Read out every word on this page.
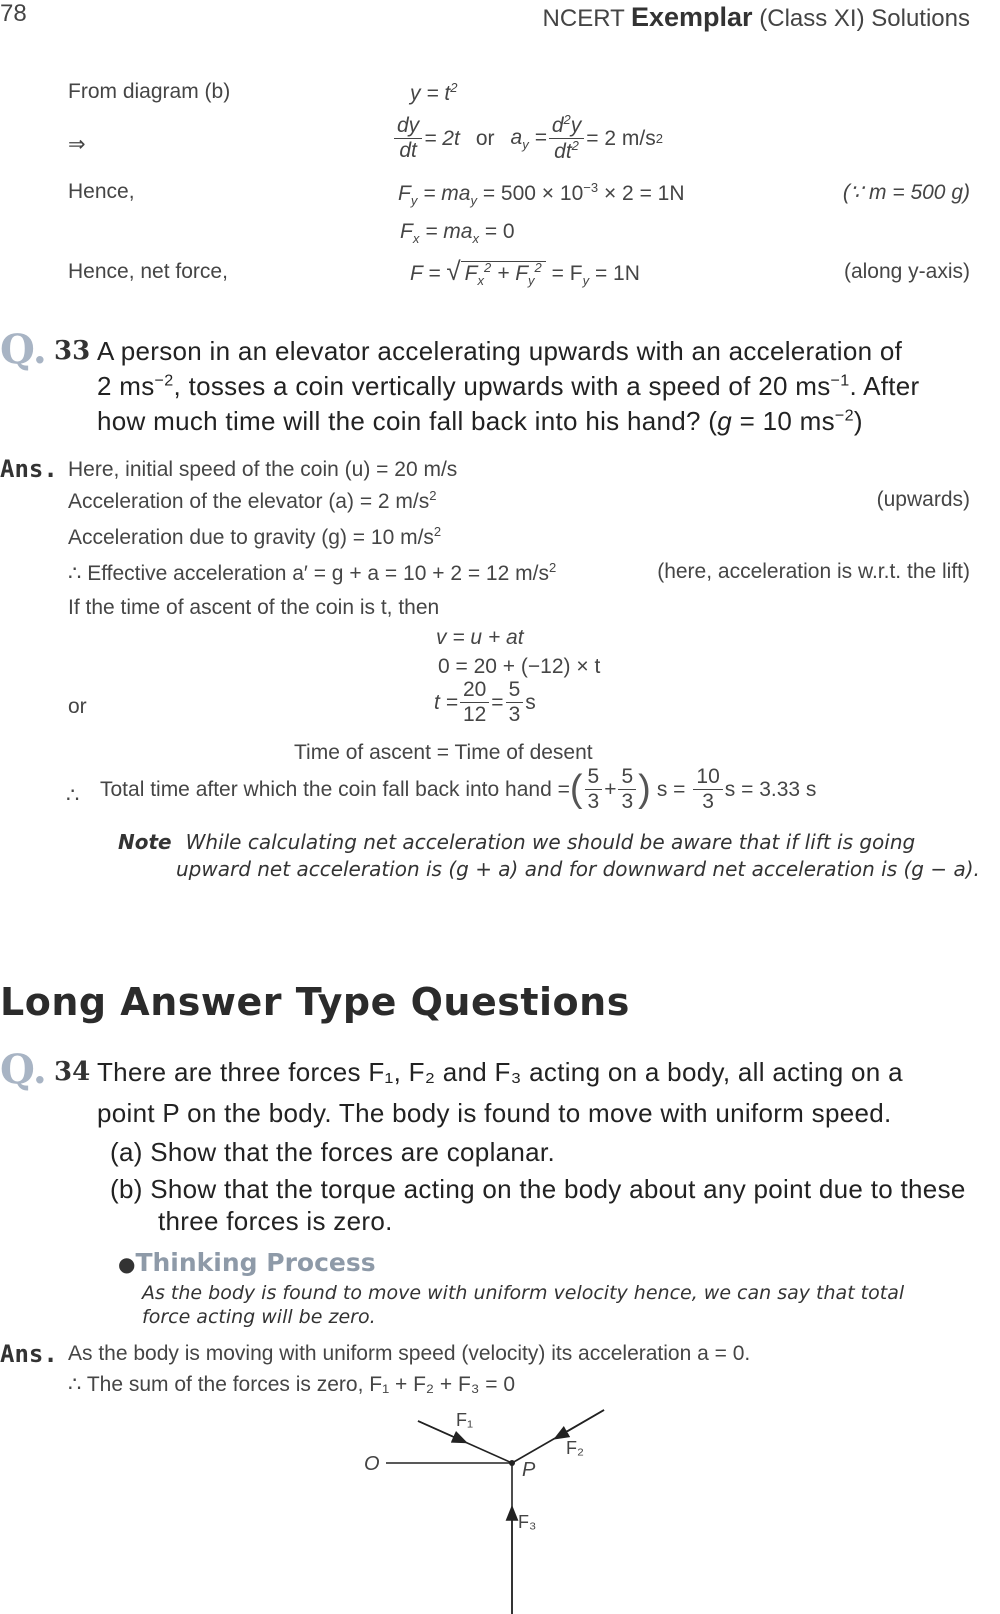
78	NCERT Exemplar (Class XI) Solutions
From diagram (b)	$y = t^2$
⇒	$\frac{dy}{dt} = 2t$ or $a_y = \frac{d^2y}{dt^2} = 2$ m/s 2
Hence,	$F_y = ma_y = 500 \times 10^{-3} \times 2 = 1N$	(∵ m = 500 g)
$F_x = ma_x = 0$
Hence, net force,	F = √ $F_x^2 + F_y^2 = F_y = 1N$	(along y-axis)
Q. 33 A person in an elevator accelerating upwards with an acceleration of
2 $ms^{-2}$, tosses a coin vertically upwards with a speed of 20 $ms^{-1}$. After
how much time will the coin fall back into his hand? (g = 10 $ms^{-2}$)
Ans. Here, initial speed of the coin (u) = 20 m/s
Acceleration of the elevator (a) = 2 $m/s^2$	(upwards)
Acceleration due to gravity (g) = 10 $m/s^2$
∴ Effective acceleration a′ = g + a = 10 + 2 = 12 $m/s^2$	(here, acceleration is w.r.t. the lift)
If the time of ascent of the coin is t, then
v = u + at
0 = 20 + (−12) × t
or	$t = \frac{20}{12} = \frac{5}{3}$ s
Time of ascent = Time of desent
∴ Total time after which the coin fall back into hand = ( $\frac{5}{3} + \frac{5}{3}$ ) $s = \frac{10}{3}$ s = 3.33 s
Note While calculating net acceleration we should be aware that if lift is going
upward net acceleration is (g + a) and for downward net acceleration is (g − a).
Long Answer Type Questions
Q. 34 There are three forces F₁, F₂ and F₃ acting on a body, all acting on a
point P on the body. The body is found to move with uniform speed.
(a) Show that the forces are coplanar.
(b) Show that the torque acting on the body about any point due to these
three forces is zero.
●Thinking Process
As the body is found to move with uniform velocity hence, we can say that total
force acting will be zero.
Ans. As the body is moving with uniform speed (velocity) its acceleration a = 0.
∴ The sum of the forces is zero, F₁ + F₂ + F₃ = 0
O	P
F₁
F₂
F₃
